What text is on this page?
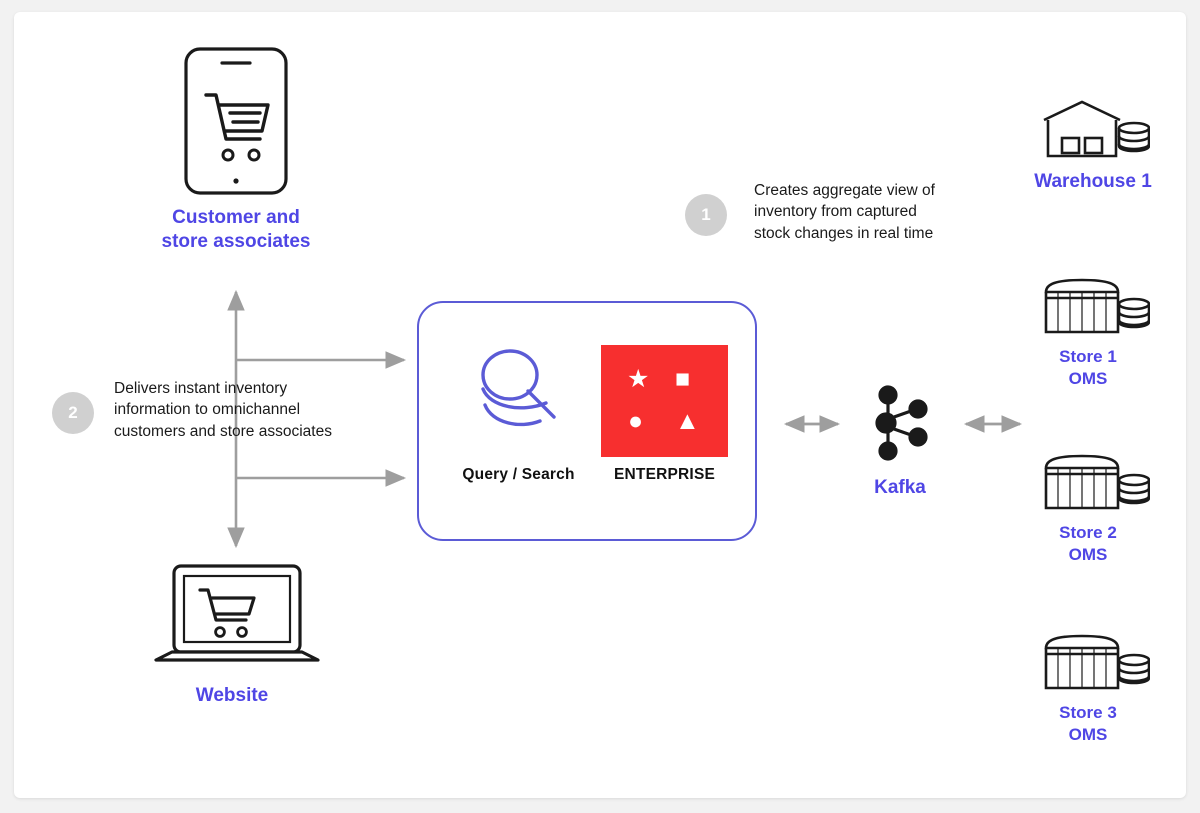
Customer and
store associates
Website
Query / Search
★ ■
● ▲
ENTERPRISE
Kafka
Warehouse 1
Store 1
OMS
Store 2
OMS
Store 3
OMS
1
Creates aggregate view of
inventory from captured
stock changes in real time
2
Delivers instant inventory
information to omnichannel
customers and store associates
